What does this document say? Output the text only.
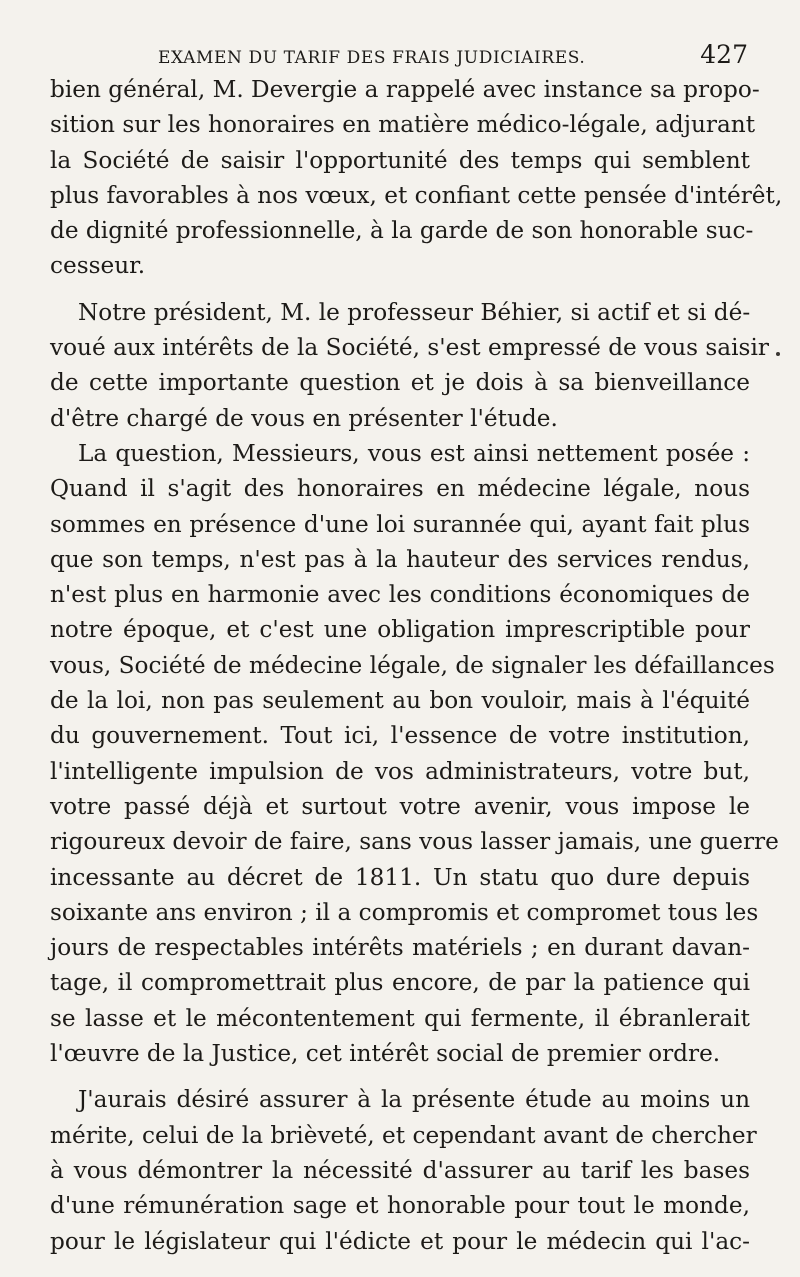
EXAMEN DU TARIF DES FRAIS JUDICIAIRES.	427
bien général, M. Devergie a rappelé avec instance sa propo-
sition sur les honoraires en matière médico-légale, adjurant
la Société de saisir l'opportunité des temps qui semblent
plus favorables à nos vœux, et confiant cette pensée d'intérêt,
de dignité professionnelle, à la garde de son honorable suc-
cesseur.
Notre président, M. le professeur Béhier, si actif et si dé-
voué aux intérêts de la Société, s'est empressé de vous saisir
de cette importante question et je dois à sa bienveillance
d'être chargé de vous en présenter l'étude.
La question, Messieurs, vous est ainsi nettement posée :
Quand il s'agit des honoraires en médecine légale, nous
sommes en présence d'une loi surannée qui, ayant fait plus
que son temps, n'est pas à la hauteur des services rendus,
n'est plus en harmonie avec les conditions économiques de
notre époque, et c'est une obligation imprescriptible pour
vous, Société de médecine légale, de signaler les défaillances
de la loi, non pas seulement au bon vouloir, mais à l'équité
du gouvernement. Tout ici, l'essence de votre institution,
l'intelligente impulsion de vos administrateurs, votre but,
votre passé déjà et surtout votre avenir, vous impose le
rigoureux devoir de faire, sans vous lasser jamais, une guerre
incessante au décret de 1811. Un statu quo dure depuis
soixante ans environ ; il a compromis et compromet tous les
jours de respectables intérêts matériels ; en durant davan-
tage, il compromettrait plus encore, de par la patience qui
se lasse et le mécontentement qui fermente, il ébranlerait
l'œuvre de la Justice, cet intérêt social de premier ordre.
J'aurais désiré assurer à la présente étude au moins un
mérite, celui de la brièveté, et cependant avant de chercher
à vous démontrer la nécessité d'assurer au tarif les bases
d'une rémunération sage et honorable pour tout le monde,
pour le législateur qui l'édicte et pour le médecin qui l'ac-
